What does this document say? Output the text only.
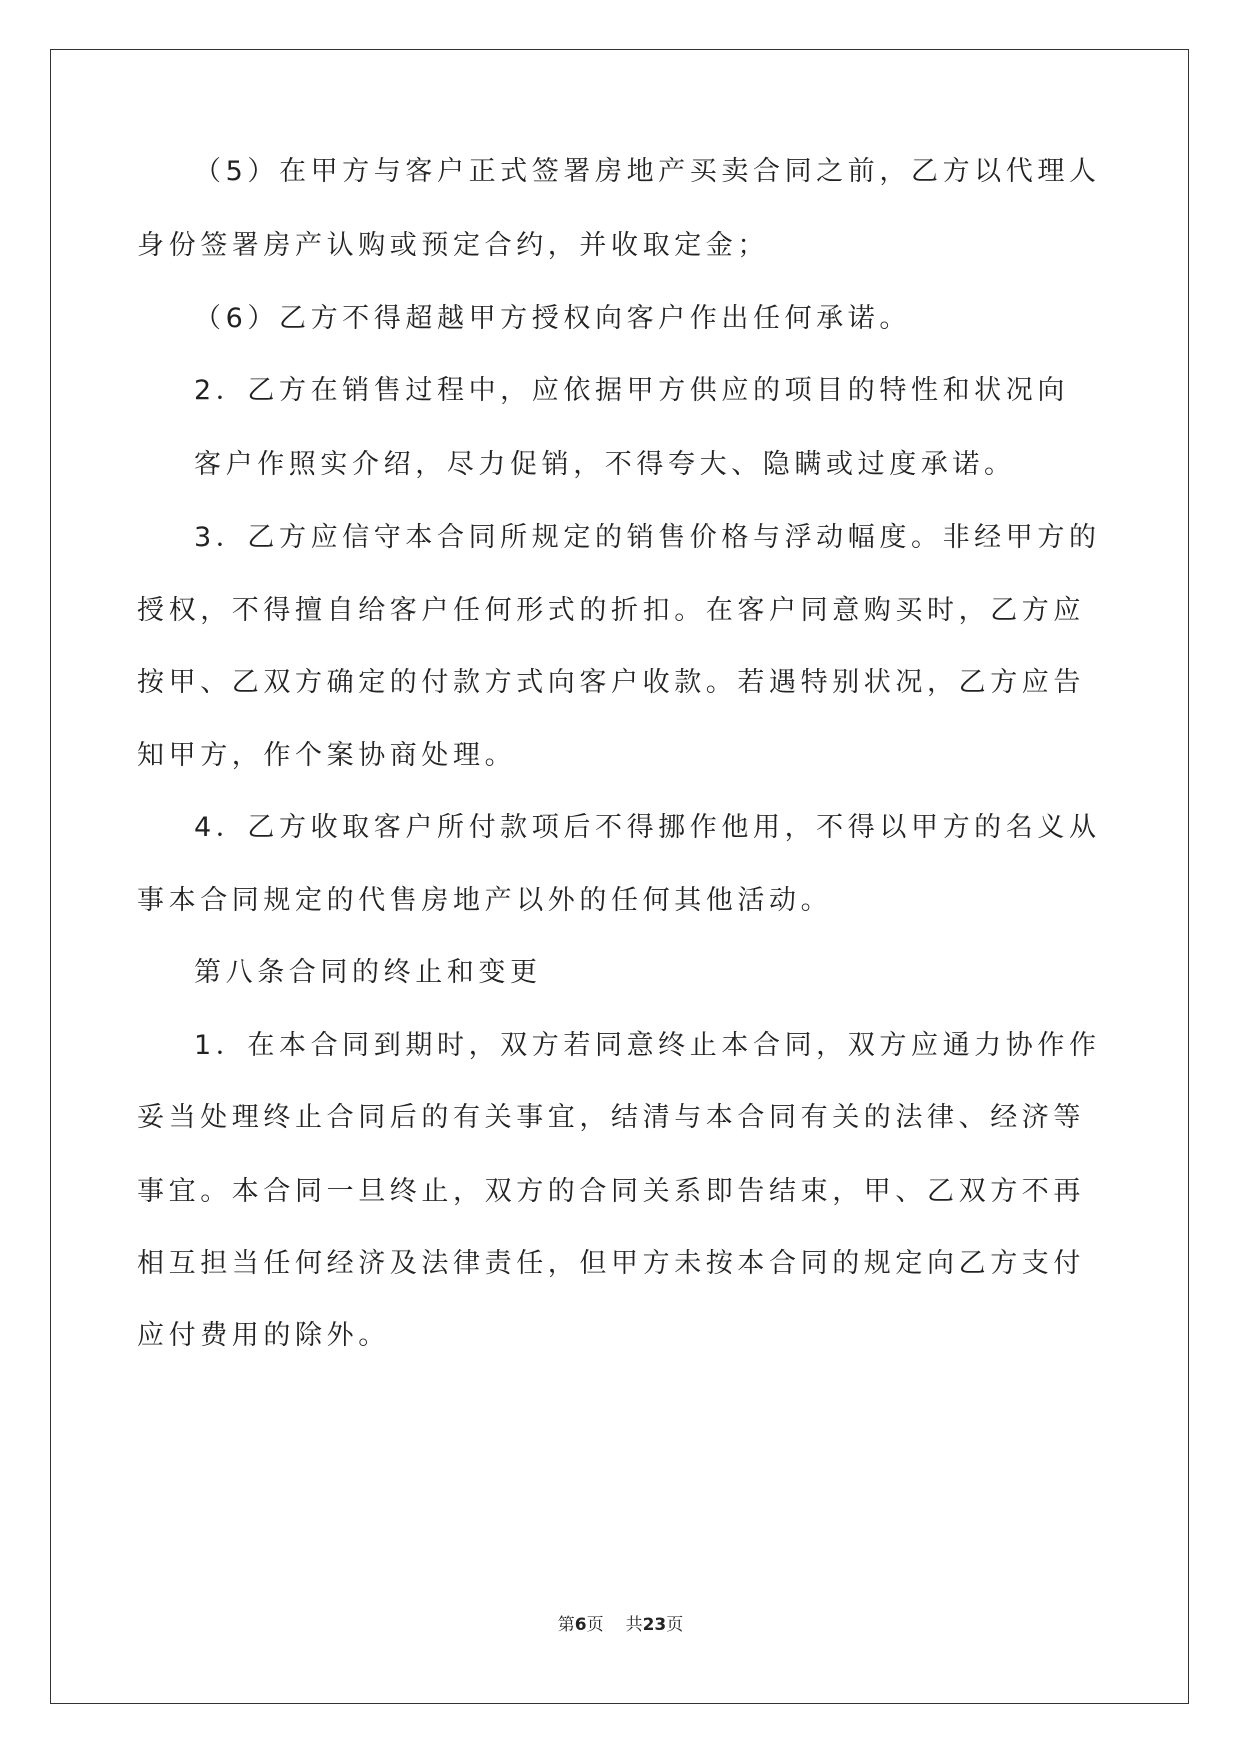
（5）在甲方与客户正式签署房地产买卖合同之前，乙方以代理人
身份签署房产认购或预定合约，并收取定金；
（6）乙方不得超越甲方授权向客户作出任何承诺。
2．乙方在销售过程中，应依据甲方供应的项目的特性和状况向
客户作照实介绍，尽力促销，不得夸大、隐瞒或过度承诺。
3．乙方应信守本合同所规定的销售价格与浮动幅度。非经甲方的
授权，不得擅自给客户任何形式的折扣。在客户同意购买时，乙方应
按甲、乙双方确定的付款方式向客户收款。若遇特别状况，乙方应告
知甲方，作个案协商处理。
4．乙方收取客户所付款项后不得挪作他用，不得以甲方的名义从
事本合同规定的代售房地产以外的任何其他活动。
第八条合同的终止和变更
1．在本合同到期时，双方若同意终止本合同，双方应通力协作作
妥当处理终止合同后的有关事宜，结清与本合同有关的法律、经济等
事宜。本合同一旦终止，双方的合同关系即告结束，甲、乙双方不再
相互担当任何经济及法律责任，但甲方未按本合同的规定向乙方支付
应付费用的除外。
第6页 共23页
